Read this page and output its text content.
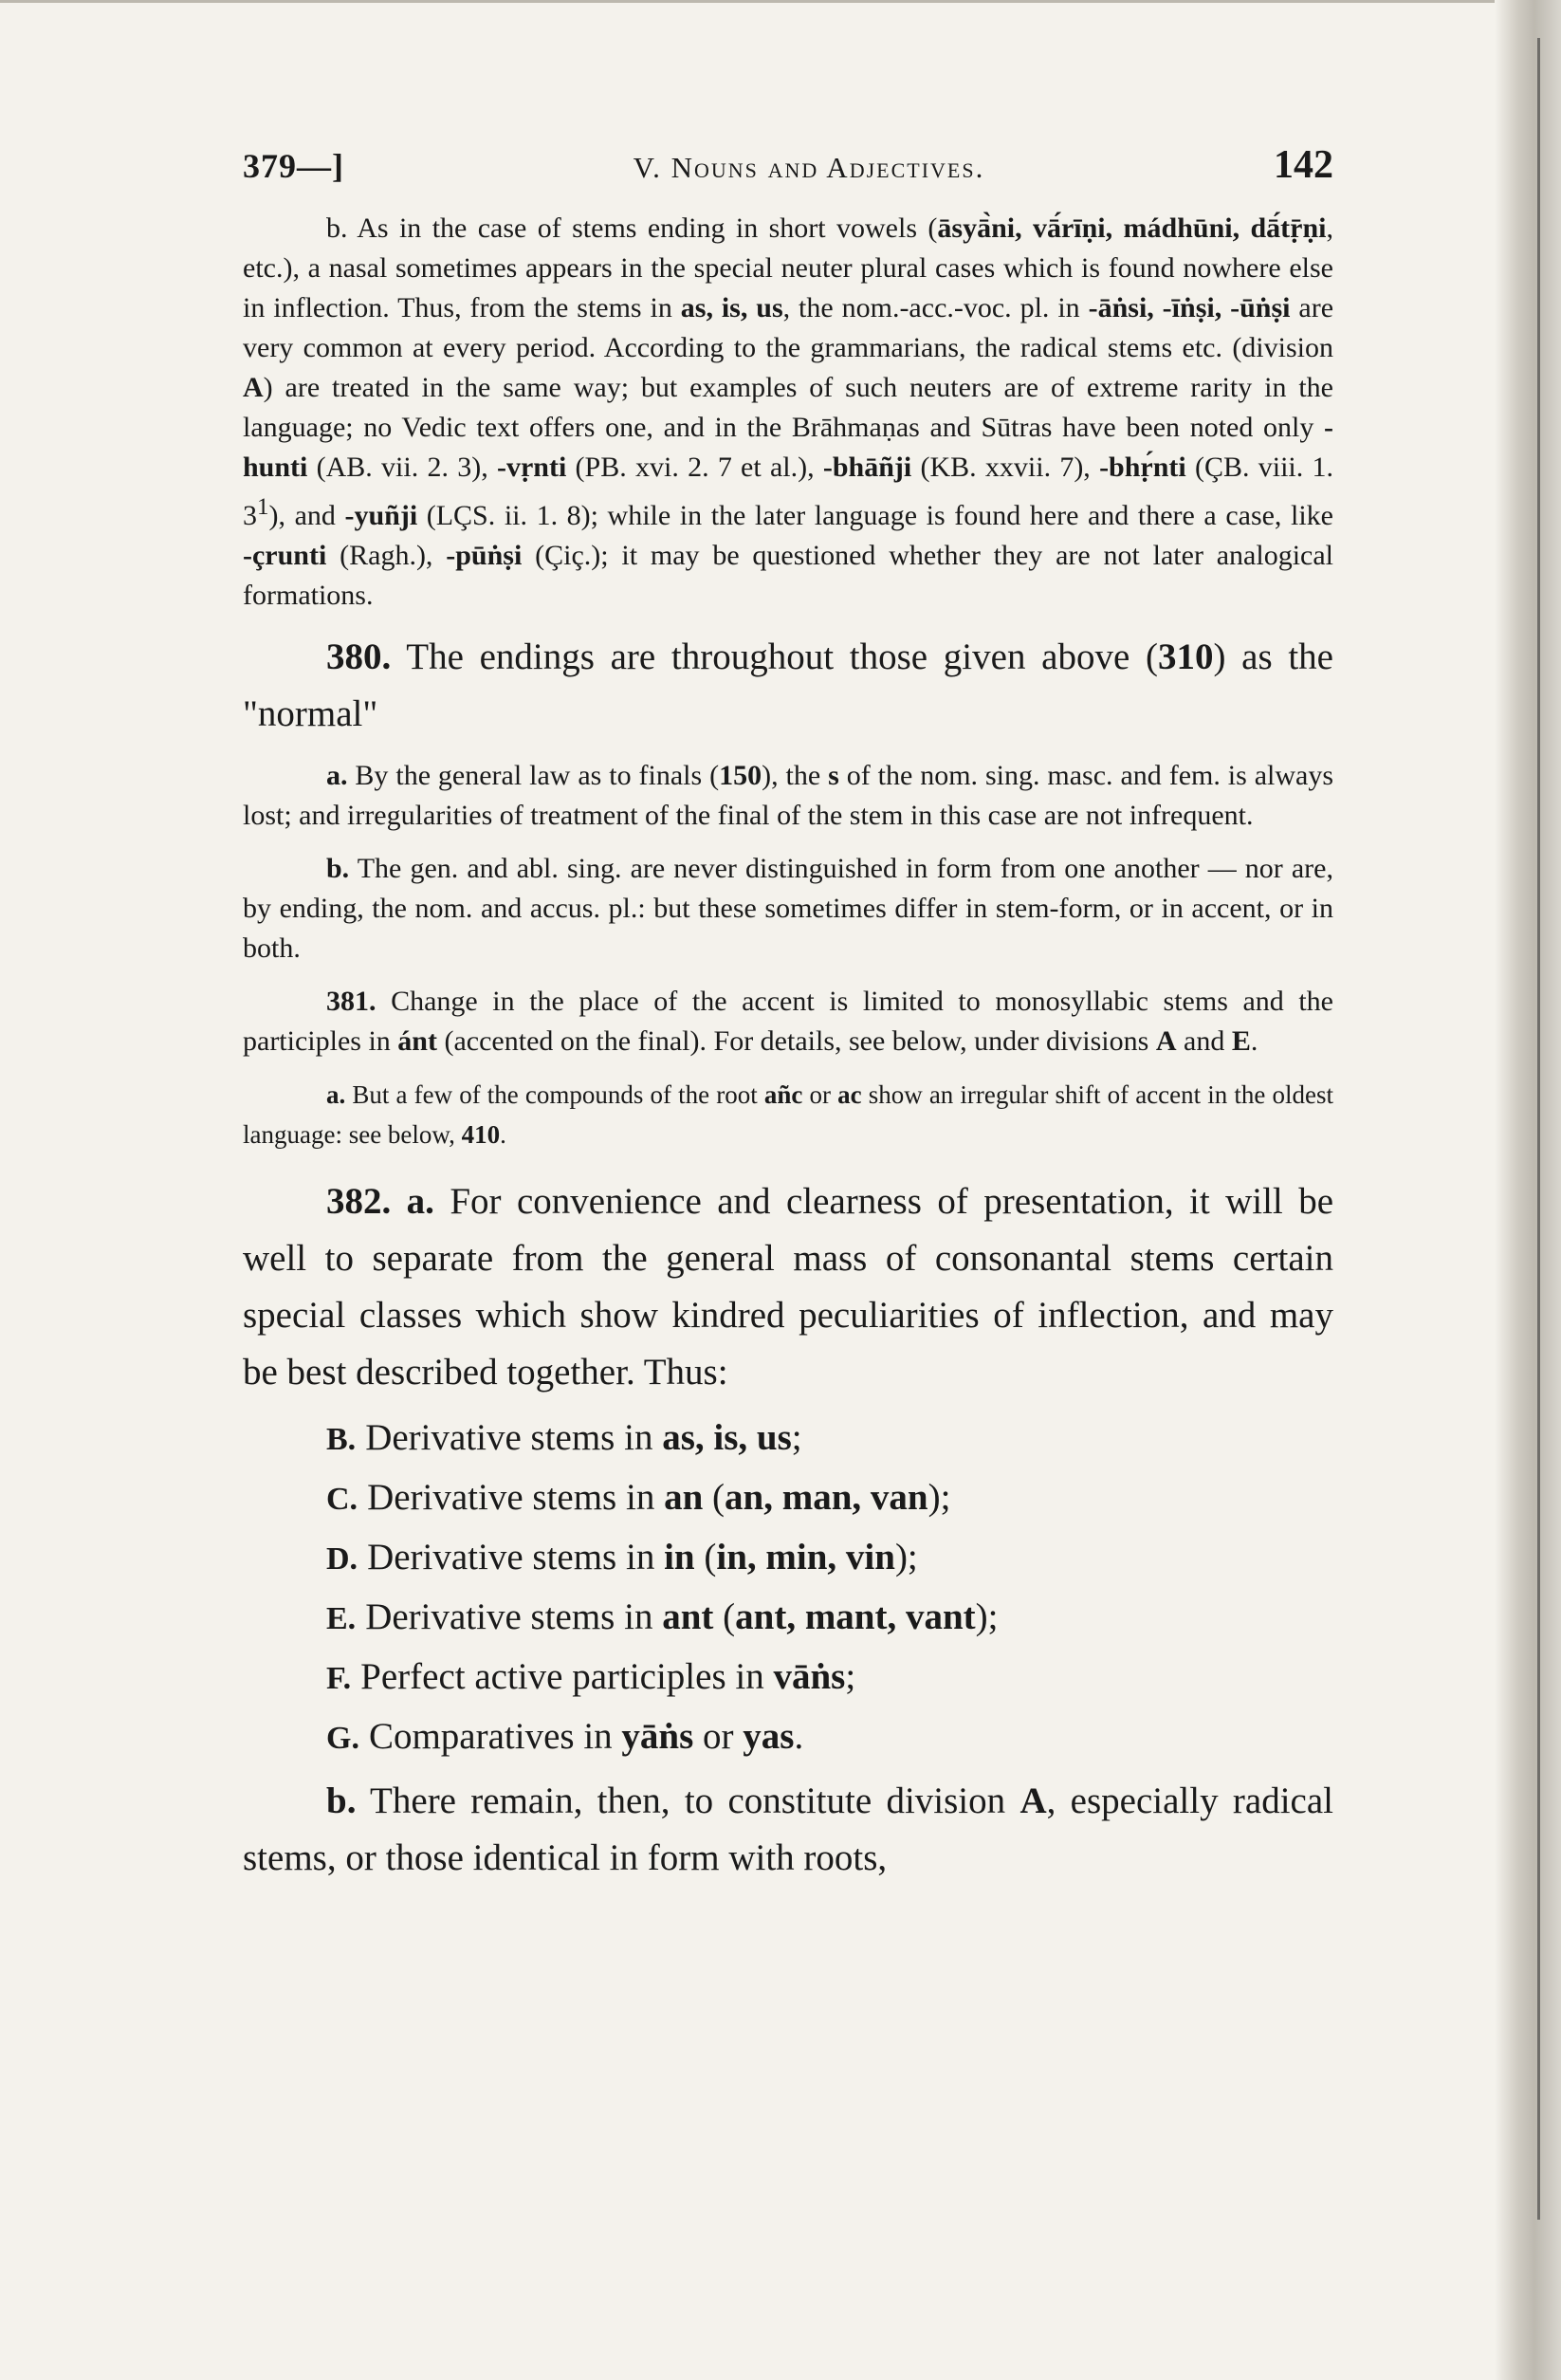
379—]	V. Nouns and Adjectives.	142

b. As in the case of stems ending in short vowels (āsyā̀ni, vā́rīṇi, mádhūni, dā́tṝṇi, etc.), a nasal sometimes appears in the special neuter plural cases which is found nowhere else in inflection. Thus, from the stems in as, is, us, the nom.-acc.-voc. pl. in -āṅsi, -īṅṣi, -ūṅṣi are very common at every period. According to the grammarians, the radical stems etc. (division A) are treated in the same way; but examples of such neuters are of extreme rarity in the language; no Vedic text offers one, and in the Brāhmaṇas and Sūtras have been noted only -hunti (AB. vii. 2. 3), -vṛnti (PB. xvi. 2. 7 et al.), -bhāñji (KB. xxvii. 7), -bhṛ́nti (ÇB. viii. 1. $3^1$), and -yuñji (LÇS. ii. 1. 8); while in the later language is found here and there a case, like -çrunti (Ragh.), -pūṅṣi (Çiç.); it may be questioned whether they are not later analogical formations.

380. The endings are throughout those given above (310) as the "normal"

a. By the general law as to finals (150), the s of the nom. sing. masc. and fem. is always lost; and irregularities of treatment of the final of the stem in this case are not infrequent.

b. The gen. and abl. sing. are never distinguished in form from one another — nor are, by ending, the nom. and accus. pl.: but these sometimes differ in stem-form, or in accent, or in both.

381. Change in the place of the accent is limited to monosyllabic stems and the participles in ánt (accented on the final). For details, see below, under divisions A and E.

a. But a few of the compounds of the root añc or ac show an irregular shift of accent in the oldest language: see below, 410.

382. a. For convenience and clearness of presentation, it will be well to separate from the general mass of consonantal stems certain special classes which show kindred peculiarities of inflection, and may be best described together. Thus:

B. Derivative stems in as, is, us;
C. Derivative stems in an (an, man, van);
D. Derivative stems in in (in, min, vin);
E. Derivative stems in ant (ant, mant, vant);
F. Perfect active participles in vāṅs;
G. Comparatives in yāṅs or yas.

b. There remain, then, to constitute division A, especially radical stems, or those identical in form with roots,
